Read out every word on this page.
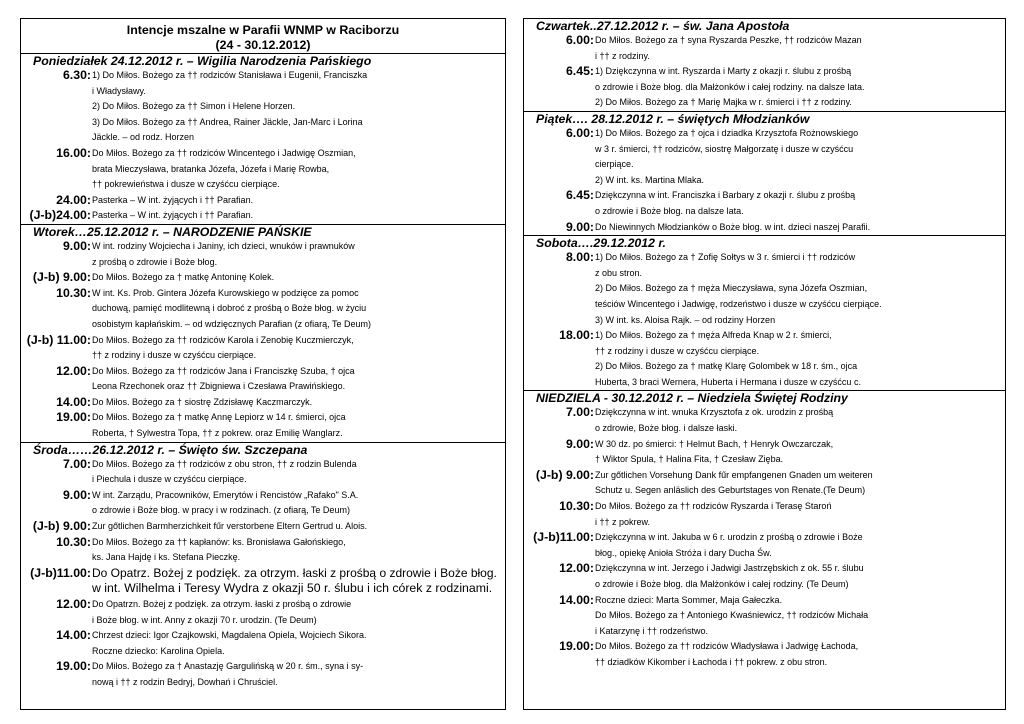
Intencje mszalne w Parafii WNMP w Raciborzu
(24 - 30.12.2012)
Poniedziałek 24.12.2012 r. – Wigilia Narodzenia Pańskiego
6.30: 1) Do Miłos. Bożego za †† rodziców Stanisława i Eugenii, Franciszka
i Władysławy.
2) Do Miłos. Bożego za †† Simon i Helene Horzen.
3) Do Miłos. Bożego za †† Andrea, Rainer Jäckle, Jan-Marc i Lorina
Jäckle. – od rodz. Horzen
16.00: Do Miłos. Bożego za †† rodziców Wincentego i Jadwigę Oszmian,
brata Mieczysława, bratanka Józefa, Józefa i Marię Rowba,
†† pokrewieństwa i dusze w czyśćcu cierpiące.
24.00: Pasterka – W int. żyjących i †† Parafian.
(J-b)24.00: Pasterka – W int. żyjących i †† Parafian.
Wtorek…25.12.2012 r. – NARODZENIE PAŃSKIE
9.00: W int. rodziny Wojciecha i Janiny, ich dzieci, wnuków i prawnuków
z prośbą o zdrowie i Boże błog.
(J-b) 9.00: Do Miłos. Bożego za † matkę Antoninę Kolek.
10.30: W int. Ks. Prob. Gintera Józefa Kurowskiego w podzięce za pomoc
duchową, pamięć modlitewną i dobroć z prośbą o Boże błog. w życiu
osobistym kapłańskim. – od wdzięcznych Parafian (z ofiarą, Te Deum)
(J-b) 11.00: Do Miłos. Bożego za †† rodziców Karola i Zenobię Kuczmierczyk,
†† z rodziny i dusze w czyśćcu cierpiące.
12.00: Do Miłos. Bożego za †† rodziców Jana i Franciszkę Szuba, † ojca
Leona Rzechonek oraz †† Zbigniewa i Czesława Prawińskiego.
14.00: Do Miłos. Bożego za † siostrę Zdzisławę Kaczmarczyk.
19.00: Do Miłos. Bożego za † matkę Annę Lepiorz w 14 r. śmierci, ojca
Roberta, † Sylwestra Topa, †† z pokrew. oraz Emilię Wanglarz.
Środa……26.12.2012 r. – Święto św. Szczepana
7.00: Do Miłos. Bożego za †† rodziców z obu stron, †† z rodzin Bulenda
i Piechula i dusze w czyśćcu cierpiące.
9.00: W int. Zarządu, Pracowników, Emerytów i Rencistów „Rafako" S.A.
o zdrowie i Boże błog. w pracy i w rodzinach. (z ofiarą, Te Deum)
(J-b) 9.00: Zur gőtlichen Barmherzichkeit fűr verstorbene Eltern Gertrud u. Alois.
10.30: Do Miłos. Bożego za †† kapłanów: ks. Bronisława Gałońskiego,
ks. Jana Hajdę i ks. Stefana Pieczkę.
(J-b)11.00: Do Opatrz. Bożej z podzięk. za otrzym. łaski z prośbą o zdrowie i Boże błog.
w int. Wilhelma i Teresy Wydra z okazji 50 r. ślubu i ich córek z rodzinami.
12.00: Do Opatrzn. Bożej z podzięk. za otrzym. łaski z prośbą o zdrowie
i Boże błog. w int. Anny z okazji 70 r. urodzin. (Te Deum)
14.00: Chrzest dzieci: Igor Czajkowski, Magdalena Opiela, Wojciech Sikora.
Roczne dziecko: Karolina Opiela.
19.00: Do Miłos. Bożego za † Anastazję Gargulińską w 20 r. śm., syna i sy-
nową i †† z rodzin Bedryj, Dowhań i Chruściel.
Czwartek..27.12.2012 r. – św. Jana Apostoła
6.00: Do Miłos. Bożego za † syna Ryszarda Peszke, †† rodziców Mazan
i †† z rodziny.
6.45: 1) Dziękczynna w int. Ryszarda i Marty z okazji r. ślubu z prośbą
o zdrowie i Boże błog. dla Małżonków i całej rodziny. na dalsze lata.
2) Do Miłos. Bożego za † Marię Majka w r. śmierci i †† z rodziny.
Piątek…. 28.12.2012 r. – świętych Młodzianków
6.00: 1) Do Miłos. Bożego za † ojca i dziadka Krzysztofa Rożnowskiego
w 3 r. śmierci, †† rodziców, siostrę Małgorzatę i dusze w czyśćcu
cierpiące.
2) W int. ks. Martina Mlaka.
6.45: Dziękczynna w int. Franciszka i Barbary z okazji r. ślubu z prośbą
o zdrowie i Boże błog. na dalsze lata.
9.00: Do Niewinnych Młodzianków o Boże błog. w int. dzieci naszej Parafii.
Sobota….29.12.2012 r.
8.00: 1) Do Miłos. Bożego za † Zofię Sołtys w 3 r. śmierci i †† rodziców
z obu stron.
2) Do Miłos. Bożego za † męża Mieczysława, syna Józefa Oszmian,
teściów Wincentego i Jadwigę, rodzeństwo i dusze w czyśćcu cierpiące.
3) W int. ks. Aloisa Rajk. – od rodziny Horzen
18.00: 1) Do Miłos. Bożego za † męża Alfreda Knap w 2 r. śmierci,
†† z rodziny i dusze w czyśćcu cierpiące.
2) Do Miłos. Bożego za † matkę Klarę Golombek w 18 r. śm., ojca
Huberta, 3 braci Wernera, Huberta i Hermana i dusze w czyśćcu c.
NIEDZIELA - 30.12.2012 r. – Niedziela Świętej Rodziny
7.00: Dziękczynna w int. wnuka Krzysztofa z ok. urodzin z prośbą
o zdrowie, Boże błog. i dalsze łaski.
9.00: W 30 dz. po śmierci: † Helmut Bach, † Henryk Owczarczak,
† Wiktor Spula, † Halina Fita, † Czesław Zięba.
(J-b) 9.00: Zur gőtlichen Vorsehung Dank fűr empfangenen Gnaden um weiteren
Schutz u. Segen anläslich des Geburtstages von Renate.(Te Deum)
10.30: Do Miłos. Bożego za †† rodziców Ryszarda i Terasę Staroń
i †† z pokrew.
(J-b)11.00: Dziękczynna w int. Jakuba w 6 r. urodzin z prośbą o zdrowie i Boże
błog., opiekę Anioła Stróża i dary Ducha Św.
12.00: Dziękczynna w int. Jerzego i Jadwigi Jastrzębskich z ok. 55 r. ślubu
o zdrowie i Boże błog. dla Małżonków i całej rodziny. (Te Deum)
14.00: Roczne dzieci: Marta Sommer, Maja Gałeczka.
Do Miłos. Bożego za † Antoniego Kwaśniewicz, †† rodziców Michała
i Katarzynę i †† rodzeństwo.
19.00: Do Miłos. Bożego za †† rodziców Władysława i Jadwigę Łachoda,
†† dziadków Kikomber i Łachoda i †† pokrew. z obu stron.
